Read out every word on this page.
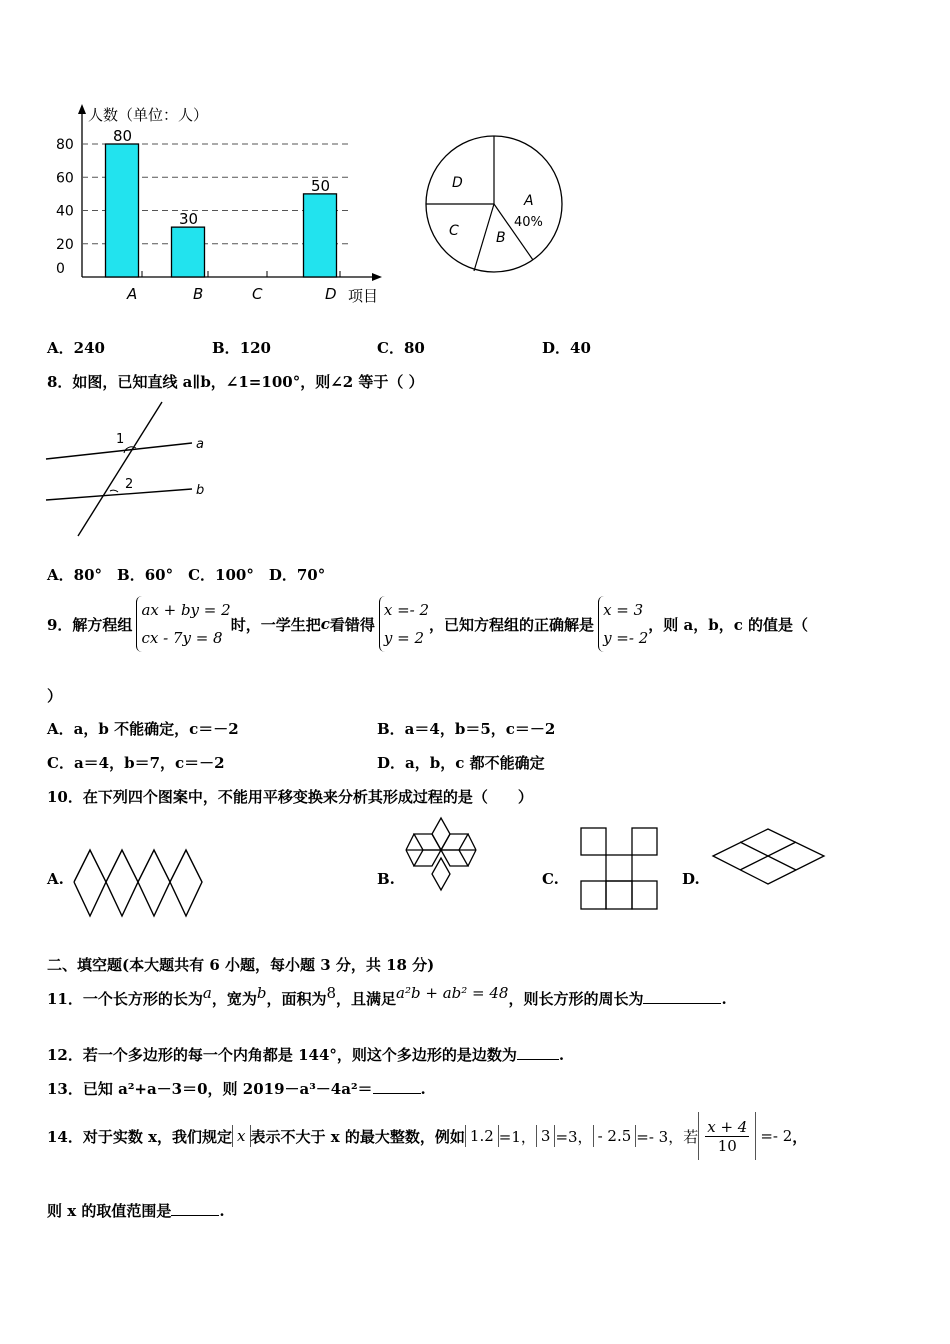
人数（单位：人）
项目
0
20
40
60
80
A
80
B
30
C	D
50
A
40%
B
C
D
A．240	B．120	C．80	D．40
8．如图，已知直线 a∥b，∠1=100°，则∠2 等于（ ）
1
2
a
b
A．80°　B．60°　C．100°　D．70°
9．解方程组
ax + by = 2
cx - 7y = 8
时，一学生把 c 看错得
x =- 2
y = 2
，已知方程组的正确解是
x = 3
y =- 2
，则 a，b，c 的值是（
）
A．a，b 不能确定，c＝－2	B．a＝4，b＝5，c＝－2
C．a＝4，b＝7，c＝－2	D．a，b，c 都不能确定
10．在下列四个图案中，不能用平移变换来分析其形成过程的是（　　）
A.	B.	C.	D.
二、填空题(本大题共有 6 小题，每小题 3 分，共 18 分)
11．一个长方形的长为$^a$，宽为$^b$，面积为$^8$，且满足$^{a^2b + ab^2 = 48}$，则长方形的周长为	.
12．若一个多边形的每一个内角都是 144°，则这个多边形的是边数为	.
13．已知 a²+a－3＝0，则 2019－a³－4a²＝	.
14．对于实数 x，我们规定 x 表示不大于 x 的最大整数，例如 1.2 =1， 3 =3， - 2.5 =- 3，若 $\frac{x + 4}{10} =- 2$ ，
则 x 的取值范围是	.
